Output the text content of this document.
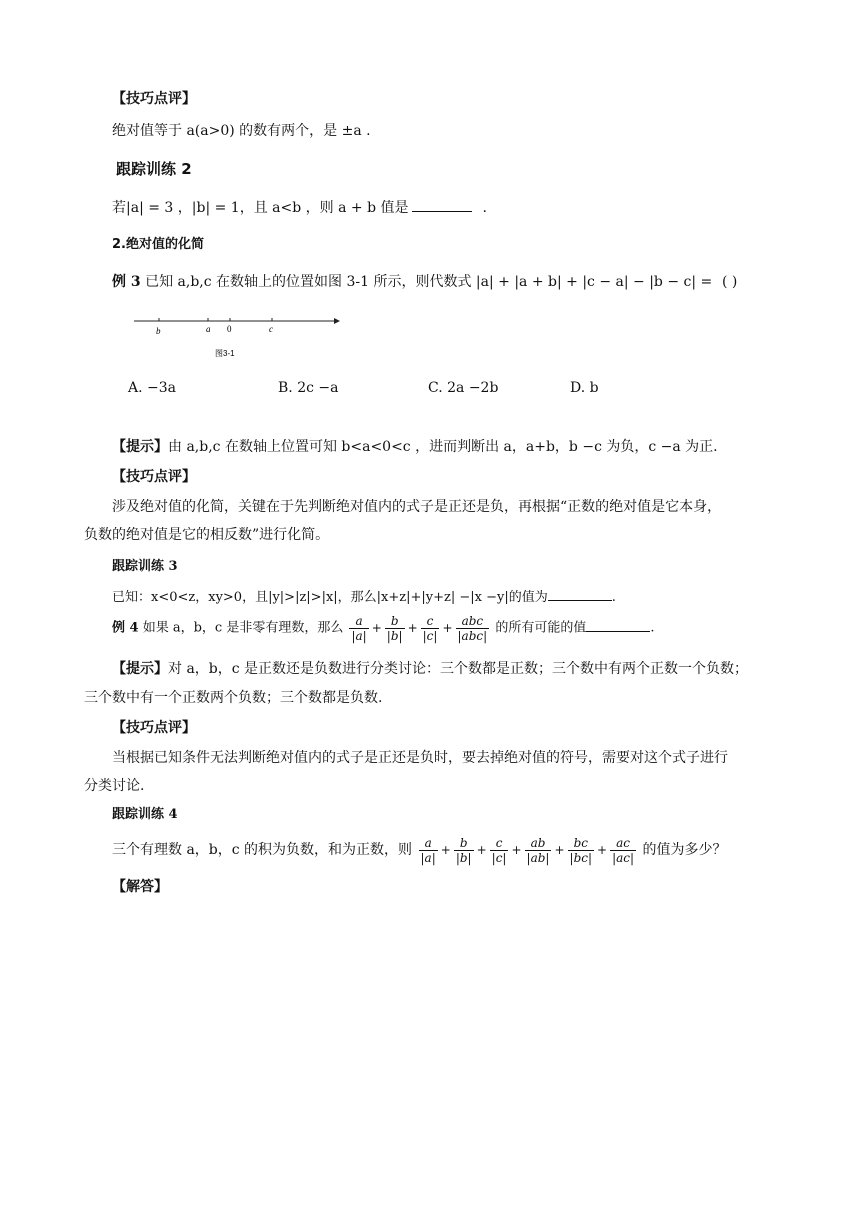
【技巧点评】
绝对值等于 a(a>0) 的数有两个，是 ±a .
跟踪训练 2
若|a| = 3 ，|b| = 1，且 a<b ，则 a + b 值是	.
2.绝对值的化简
例 3 已知 a,b,c 在数轴上的位置如图 3-1 所示，则代数式 |a| + |a + b| + |c − a| − |b − c| = ( )
b	a 0	c
图3-1
A. −3a	B. 2c −a	C. 2a −2b	D. b
【提示】由 a,b,c 在数轴上位置可知 b<a<0<c ，进而判断出 a，a+b，b −c 为负，c −a 为正.
【技巧点评】
涉及绝对值的化简，关键在于先判断绝对值内的式子是正还是负，再根据“正数的绝对值是它本身，
负数的绝对值是它的相反数”进行化简。
跟踪训练 3
已知：x<0<z，xy>0，且|y|>|z|>|x|，那么|x+z|+|y+z| −|x −y|的值为	.
例 4 如果 a，b，c 是非零有理数，那么 $\frac{a}{|a|} + \frac{b}{|b|} + \frac{c}{|c|} + \frac{\text{abc}}{\text{|abc|}}$ 的所有可能的值	.
【提示】对 a，b，c 是正数还是负数进行分类讨论：三个数都是正数；三个数中有两个正数一个负数；
三个数中有一个正数两个负数；三个数都是负数.
【技巧点评】
当根据已知条件无法判断绝对值内的式子是正还是负时，要去掉绝对值的符号，需要对这个式子进行
分类讨论.
跟踪训练 4
三个有理数 a，b，c 的积为负数，和为正数，则 $\frac{a}{|a|} + \frac{b}{|b|} + \frac{c}{|c|} + \frac{ab}{|ab|} + \frac{bc}{|bc|} + \frac{ac}{|ac|}$ 的值为多少？
【解答】
